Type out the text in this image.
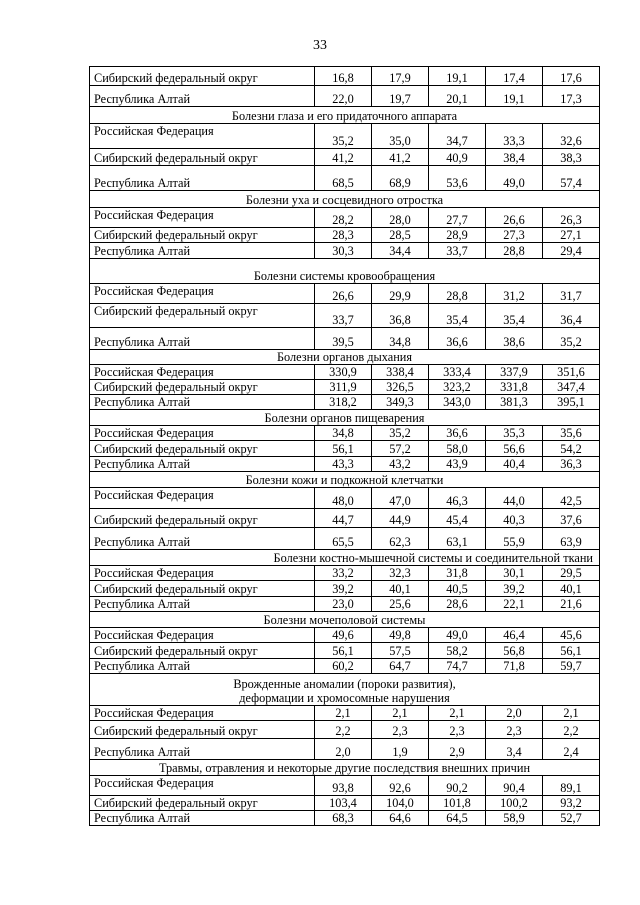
33
Сибирский федеральный округ	16,8	17,9	19,1	17,4	17,6
Республика Алтай	22,0	19,7	20,1	19,1	17,3

Болезни глаза и его придаточного аппарата					

Российская Федерация	35,2	35,0	34,7	33,3	32,6
Сибирский федеральный округ	41,2	41,2	40,9	38,4	38,3
Республика Алтай	68,5	68,9	53,6	49,0	57,4

Болезни уха и сосцевидного отростка					

Российская Федерация	28,2	28,0	27,7	26,6	26,3
Сибирский федеральный округ	28,3	28,5	28,9	27,3	27,1
Республика Алтай	30,3	34,4	33,7	28,8	29,4

Болезни системы кровообращения					

Российская Федерация	26,6	29,9	28,8	31,2	31,7
Сибирский федеральный округ	33,7	36,8	35,4	35,4	36,4
Республика Алтай	39,5	34,8	36,6	38,6	35,2

Болезни органов дыхания					

Российская Федерация	330,9	338,4	333,4	337,9	351,6
Сибирский федеральный округ	311,9	326,5	323,2	331,8	347,4
Республика Алтай	318,2	349,3	343,0	381,3	395,1

Болезни органов пищеварения					

Российская Федерация	34,8	35,2	36,6	35,3	35,6
Сибирский федеральный округ	56,1	57,2	58,0	56,6	54,2
Республика Алтай	43,3	43,2	43,9	40,4	36,3

Болезни кожи и подкожной клетчатки					

Российская Федерация	48,0	47,0	46,3	44,0	42,5
Сибирский федеральный округ	44,7	44,9	45,4	40,3	37,6
Республика Алтай	65,5	62,3	63,1	55,9	63,9

Болезни костно-мышечной системы и соединительной ткани					

Российская Федерация	33,2	32,3	31,8	30,1	29,5
Сибирский федеральный округ	39,2	40,1	40,5	39,2	40,1
Республика Алтай	23,0	25,6	28,6	22,1	21,6

Болезни мочеполовой системы					

Российская Федерация	49,6	49,8	49,0	46,4	45,6
Сибирский федеральный округ	56,1	57,5	58,2	56,8	56,1
Республика Алтай	60,2	64,7	74,7	71,8	59,7

Врожденные аномалии (пороки развития),
деформации и хромосомные нарушения					

Российская Федерация	2,1	2,1	2,1	2,0	2,1
Сибирский федеральный округ	2,2	2,3	2,3	2,3	2,2
Республика Алтай	2,0	1,9	2,9	3,4	2,4

Травмы, отравления и некоторые другие последствия внешних причин					

Российская Федерация	93,8	92,6	90,2	90,4	89,1
Сибирский федеральный округ	103,4	104,0	101,8	100,2	93,2
Республика Алтай	68,3	64,6	64,5	58,9	52,7
